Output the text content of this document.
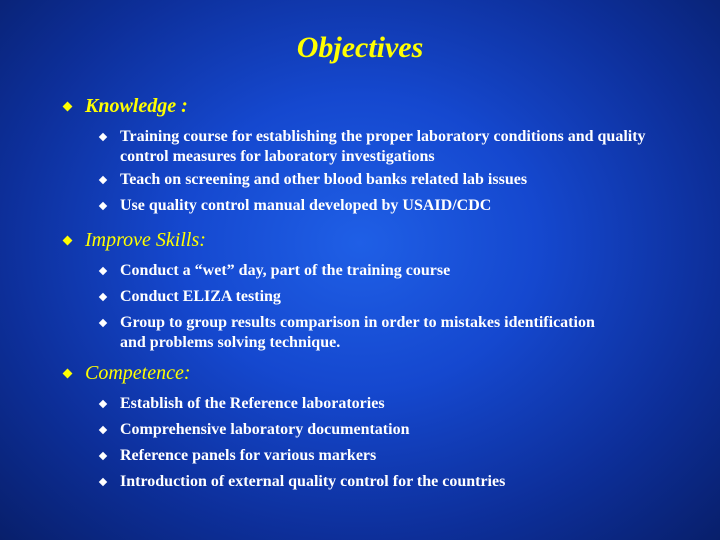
Objectives
Knowledge :
Training course for establishing the proper laboratory conditions and quality control measures for laboratory investigations
Teach on screening and other blood banks related lab issues
Use quality control manual developed by USAID/CDC
Improve Skills:
Conduct a “wet” day, part of the training course
Conduct ELIZA testing
Group to group results comparison in order to mistakes identification and problems solving technique.
Competence:
Establish of the Reference laboratories
Comprehensive laboratory documentation
Reference panels for various markers
Introduction of external quality control for the countries
